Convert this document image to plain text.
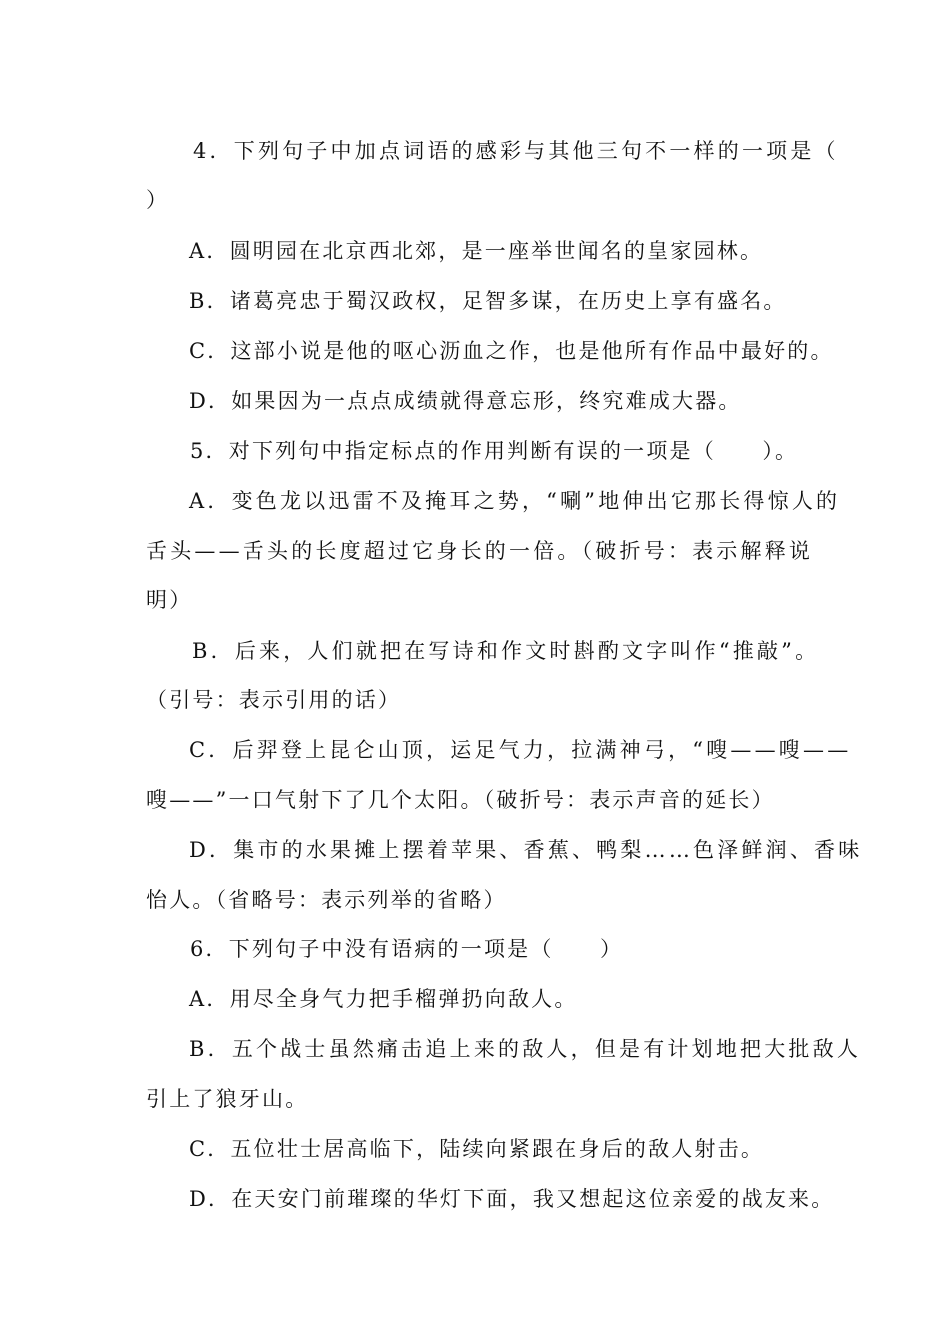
4．下列句子中加点词语的感彩与其他三句不一样的一项是（
）
A．圆明园在北京西北郊，是一座举世闻名的皇家园林。
B．诸葛亮忠于蜀汉政权，足智多谋，在历史上享有盛名。
C．这部小说是他的呕心沥血之作，也是他所有作品中最好的。
D．如果因为一点点成绩就得意忘形，终究难成大器。
5．对下列句中指定标点的作用判断有误的一项是（　　）。
A．变色龙以迅雷不及掩耳之势，“唰”地伸出它那长得惊人的
舌头——舌头的长度超过它身长的一倍。（破折号：表示解释说
明）
B．后来，人们就把在写诗和作文时斟酌文字叫作“推敲”。
（引号：表示引用的话）
C．后羿登上昆仑山顶，运足气力，拉满神弓，“嗖——嗖——
嗖——”一口气射下了几个太阳。（破折号：表示声音的延长）
D．集市的水果摊上摆着苹果、香蕉、鸭梨……色泽鲜润、香味
怡人。（省略号：表示列举的省略）
6．下列句子中没有语病的一项是（　　）
A．用尽全身气力把手榴弹扔向敌人。
B．五个战士虽然痛击追上来的敌人，但是有计划地把大批敌人
引上了狼牙山。
C．五位壮士居高临下，陆续向紧跟在身后的敌人射击。
D．在天安门前璀璨的华灯下面，我又想起这位亲爱的战友来。
